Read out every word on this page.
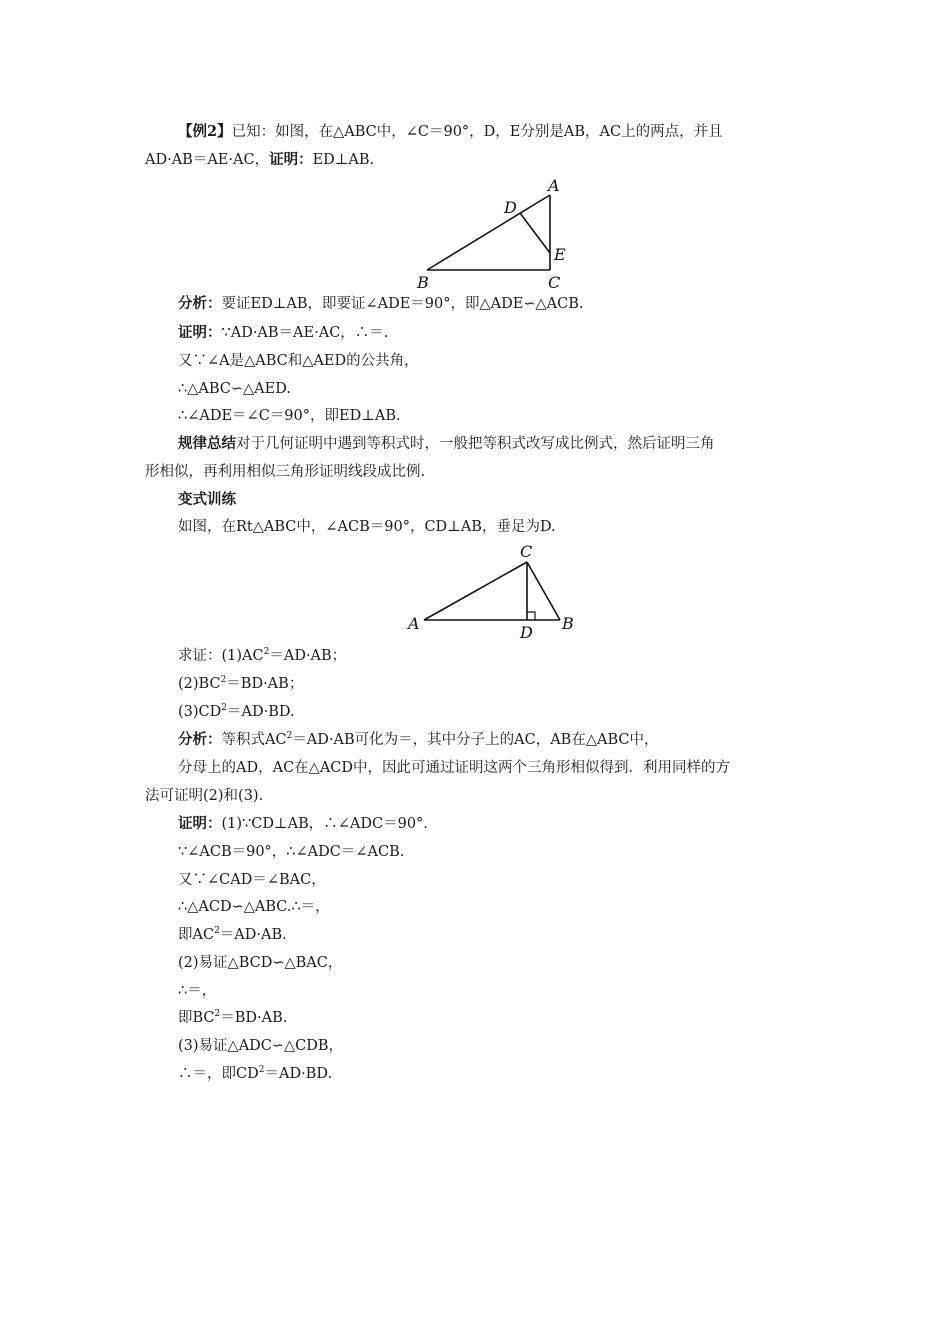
【例2】已知：如图，在△ABC中，∠C＝90°，D，E分别是AB，AC上的两点，并且
AD·AB＝AE·AC，证明：ED⊥AB.
A
D
E
B	C
分析：要证ED⊥AB，即要证∠ADE＝90°，即△ADE∽△ACB.
证明：∵AD·AB＝AE·AC，∴＝.
又∵∠A是△ABC和△AED的公共角，
∴△ABC∽△AED.
∴∠ADE＝∠C＝90°，即ED⊥AB.
规律总结对于几何证明中遇到等积式时，一般把等积式改写成比例式，然后证明三角
形相似，再利用相似三角形证明线段成比例.
变式训练
如图，在Rt△ABC中，∠ACB＝90°，CD⊥AB，垂足为D.
C
A	D B
求证：$(1)AC^2=AD\cdot AB$；
$(2)BC^2=BD\cdot AB$；
$(3)CD^2=AD\cdot BD$.
分析：等积式$AC^2=AD\cdot AB$可化为＝，其中分子上的AC，AB在△ABC中，
分母上的AD，AC在△ACD中，因此可通过证明这两个三角形相似得到．利用同样的方
法可证明(2)和(3).
证明：(1)∵CD⊥AB，∴∠ADC＝90°.
∵∠ACB＝90°，∴∠ADC＝∠ACB.
又∵∠CAD＝∠BAC，
∴△ACD∽△ABC.∴＝，
即$AC^2=AD\cdot AB$.
(2)易证△BCD∽△BAC，
∴＝，
即$BC^2=BD\cdot AB$.
(3)易证△ADC∽△CDB，
∴＝，即$CD^2=AD\cdot BD$.
